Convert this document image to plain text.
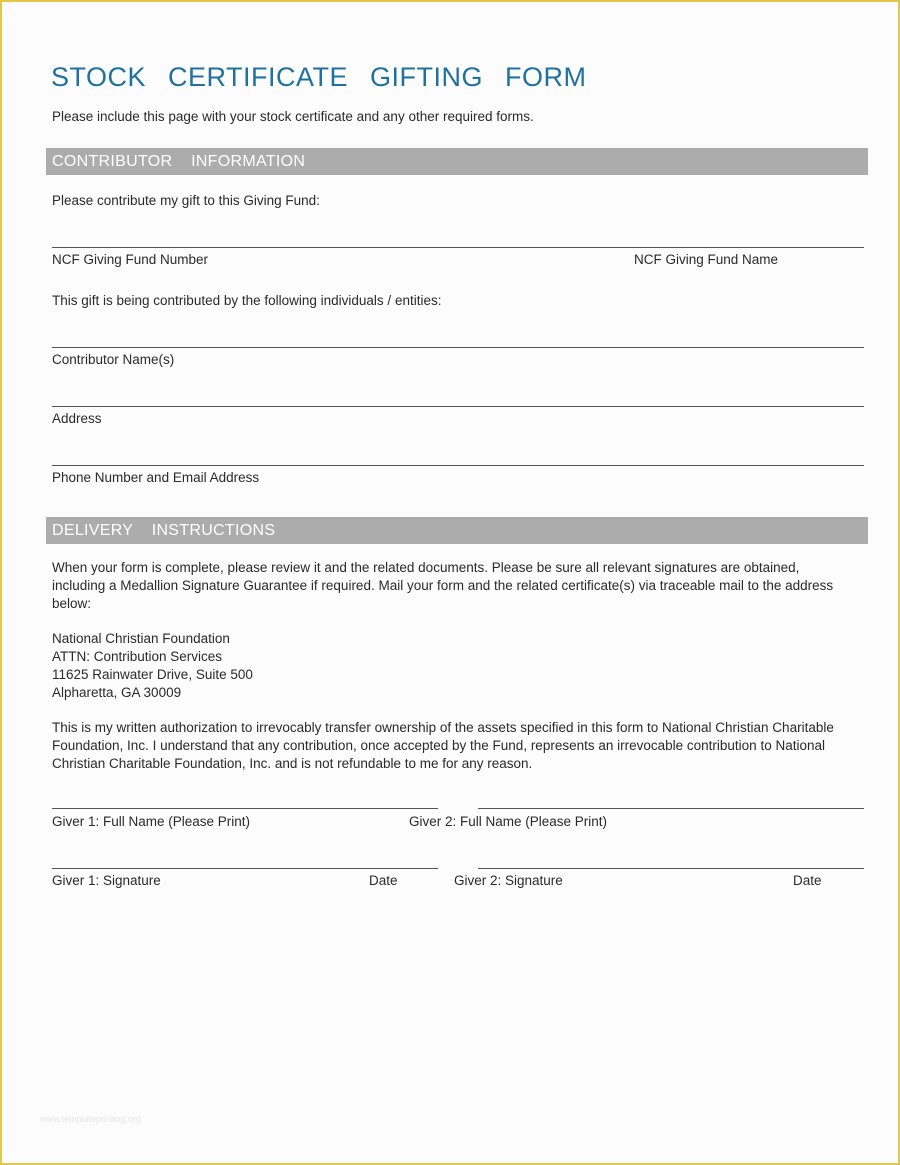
STOCK CERTIFICATE GIFTING FORM
Please include this page with your stock certificate and any other required forms.
CONTRIBUTOR INFORMATION
Please contribute my gift to this Giving Fund:
NCF Giving Fund Number	NCF Giving Fund Name
This gift is being contributed by the following individuals / entities:
Contributor Name(s)
Address
Phone Number and Email Address
DELIVERY INSTRUCTIONS
When your form is complete, please review it and the related documents. Please be sure all relevant signatures are obtained, including a Medallion Signature Guarantee if required. Mail your form and the related certificate(s) via traceable mail to the address below:
National Christian Foundation
ATTN: Contribution Services
11625 Rainwater Drive, Suite 500
Alpharetta, GA 30009
This is my written authorization to irrevocably transfer ownership of the assets specified in this form to National Christian Charitable Foundation, Inc. I understand that any contribution, once accepted by the Fund, represents an irrevocable contribution to National Christian Charitable Foundation, Inc. and is not refundable to me for any reason.
Giver 1: Full Name (Please Print)	Giver 2: Full Name (Please Print)
Giver 1: Signature	Date	Giver 2: Signature	Date
www.templateprinting.org
